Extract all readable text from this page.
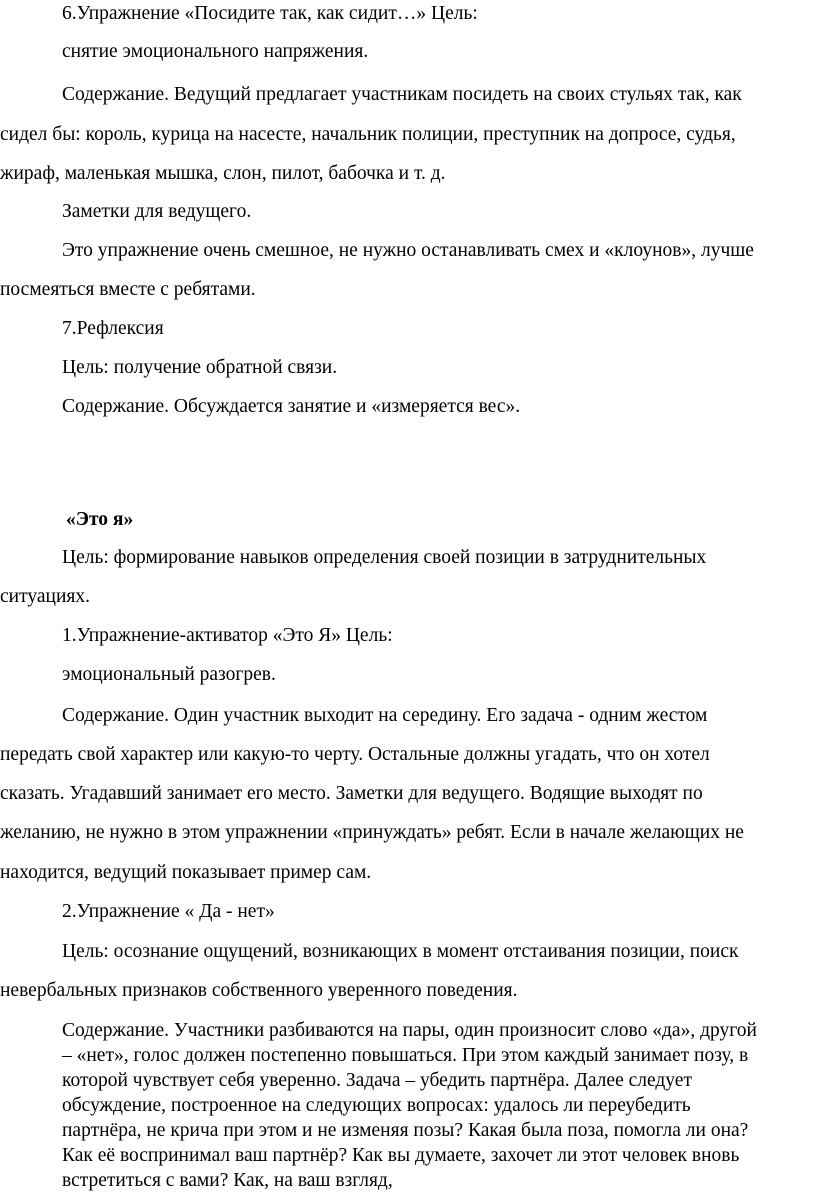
6.Упражнение «Посидите так, как сидит…» Цель:
снятие эмоционального напряжения.
Содержание. Ведущий предлагает участникам посидеть на своих стульях так, как
сидел бы: король, курица на насесте, начальник полиции, преступник на допросе, судья,
жираф, маленькая мышка, слон, пилот, бабочка и т. д.
Заметки для ведущего.
Это упражнение очень смешное, не нужно останавливать смех и «клоунов», лучше
посмеяться вместе с ребятами.
7.Рефлексия
Цель: получение обратной связи.
Содержание. Обсуждается занятие и «измеряется вес».
«Это я»
Цель: формирование навыков определения своей позиции в затруднительных
ситуациях.
1.Упражнение-активатор «Это Я» Цель:
эмоциональный разогрев.
Содержание. Один участник выходит на середину. Его задача - одним жестом
передать свой характер или какую-то черту. Остальные должны угадать, что он хотел
сказать. Угадавший занимает его место. Заметки для ведущего. Водящие выходят по
желанию, не нужно в этом упражнении «принуждать» ребят. Если в начале желающих не
находится, ведущий показывает пример сам.
2.Упражнение « Да - нет»
Цель: осознание ощущений, возникающих в момент отстаивания позиции, поиск
невербальных признаков собственного уверенного поведения.
Содержание. Участники разбиваются на пары, один произносит слово «да», другой
– «нет», голос должен постепенно повышаться. При этом каждый занимает позу, в
которой чувствует себя уверенно. Задача – убедить партнёра. Далее следует
обсуждение, построенное на следующих вопросах: удалось ли переубедить
партнёра, не крича при этом и не изменяя позы? Какая была поза, помогла ли она?
Как её воспринимал ваш партнёр? Как вы думаете, захочет ли этот человек вновь
встретиться с вами? Как, на ваш взгляд,
